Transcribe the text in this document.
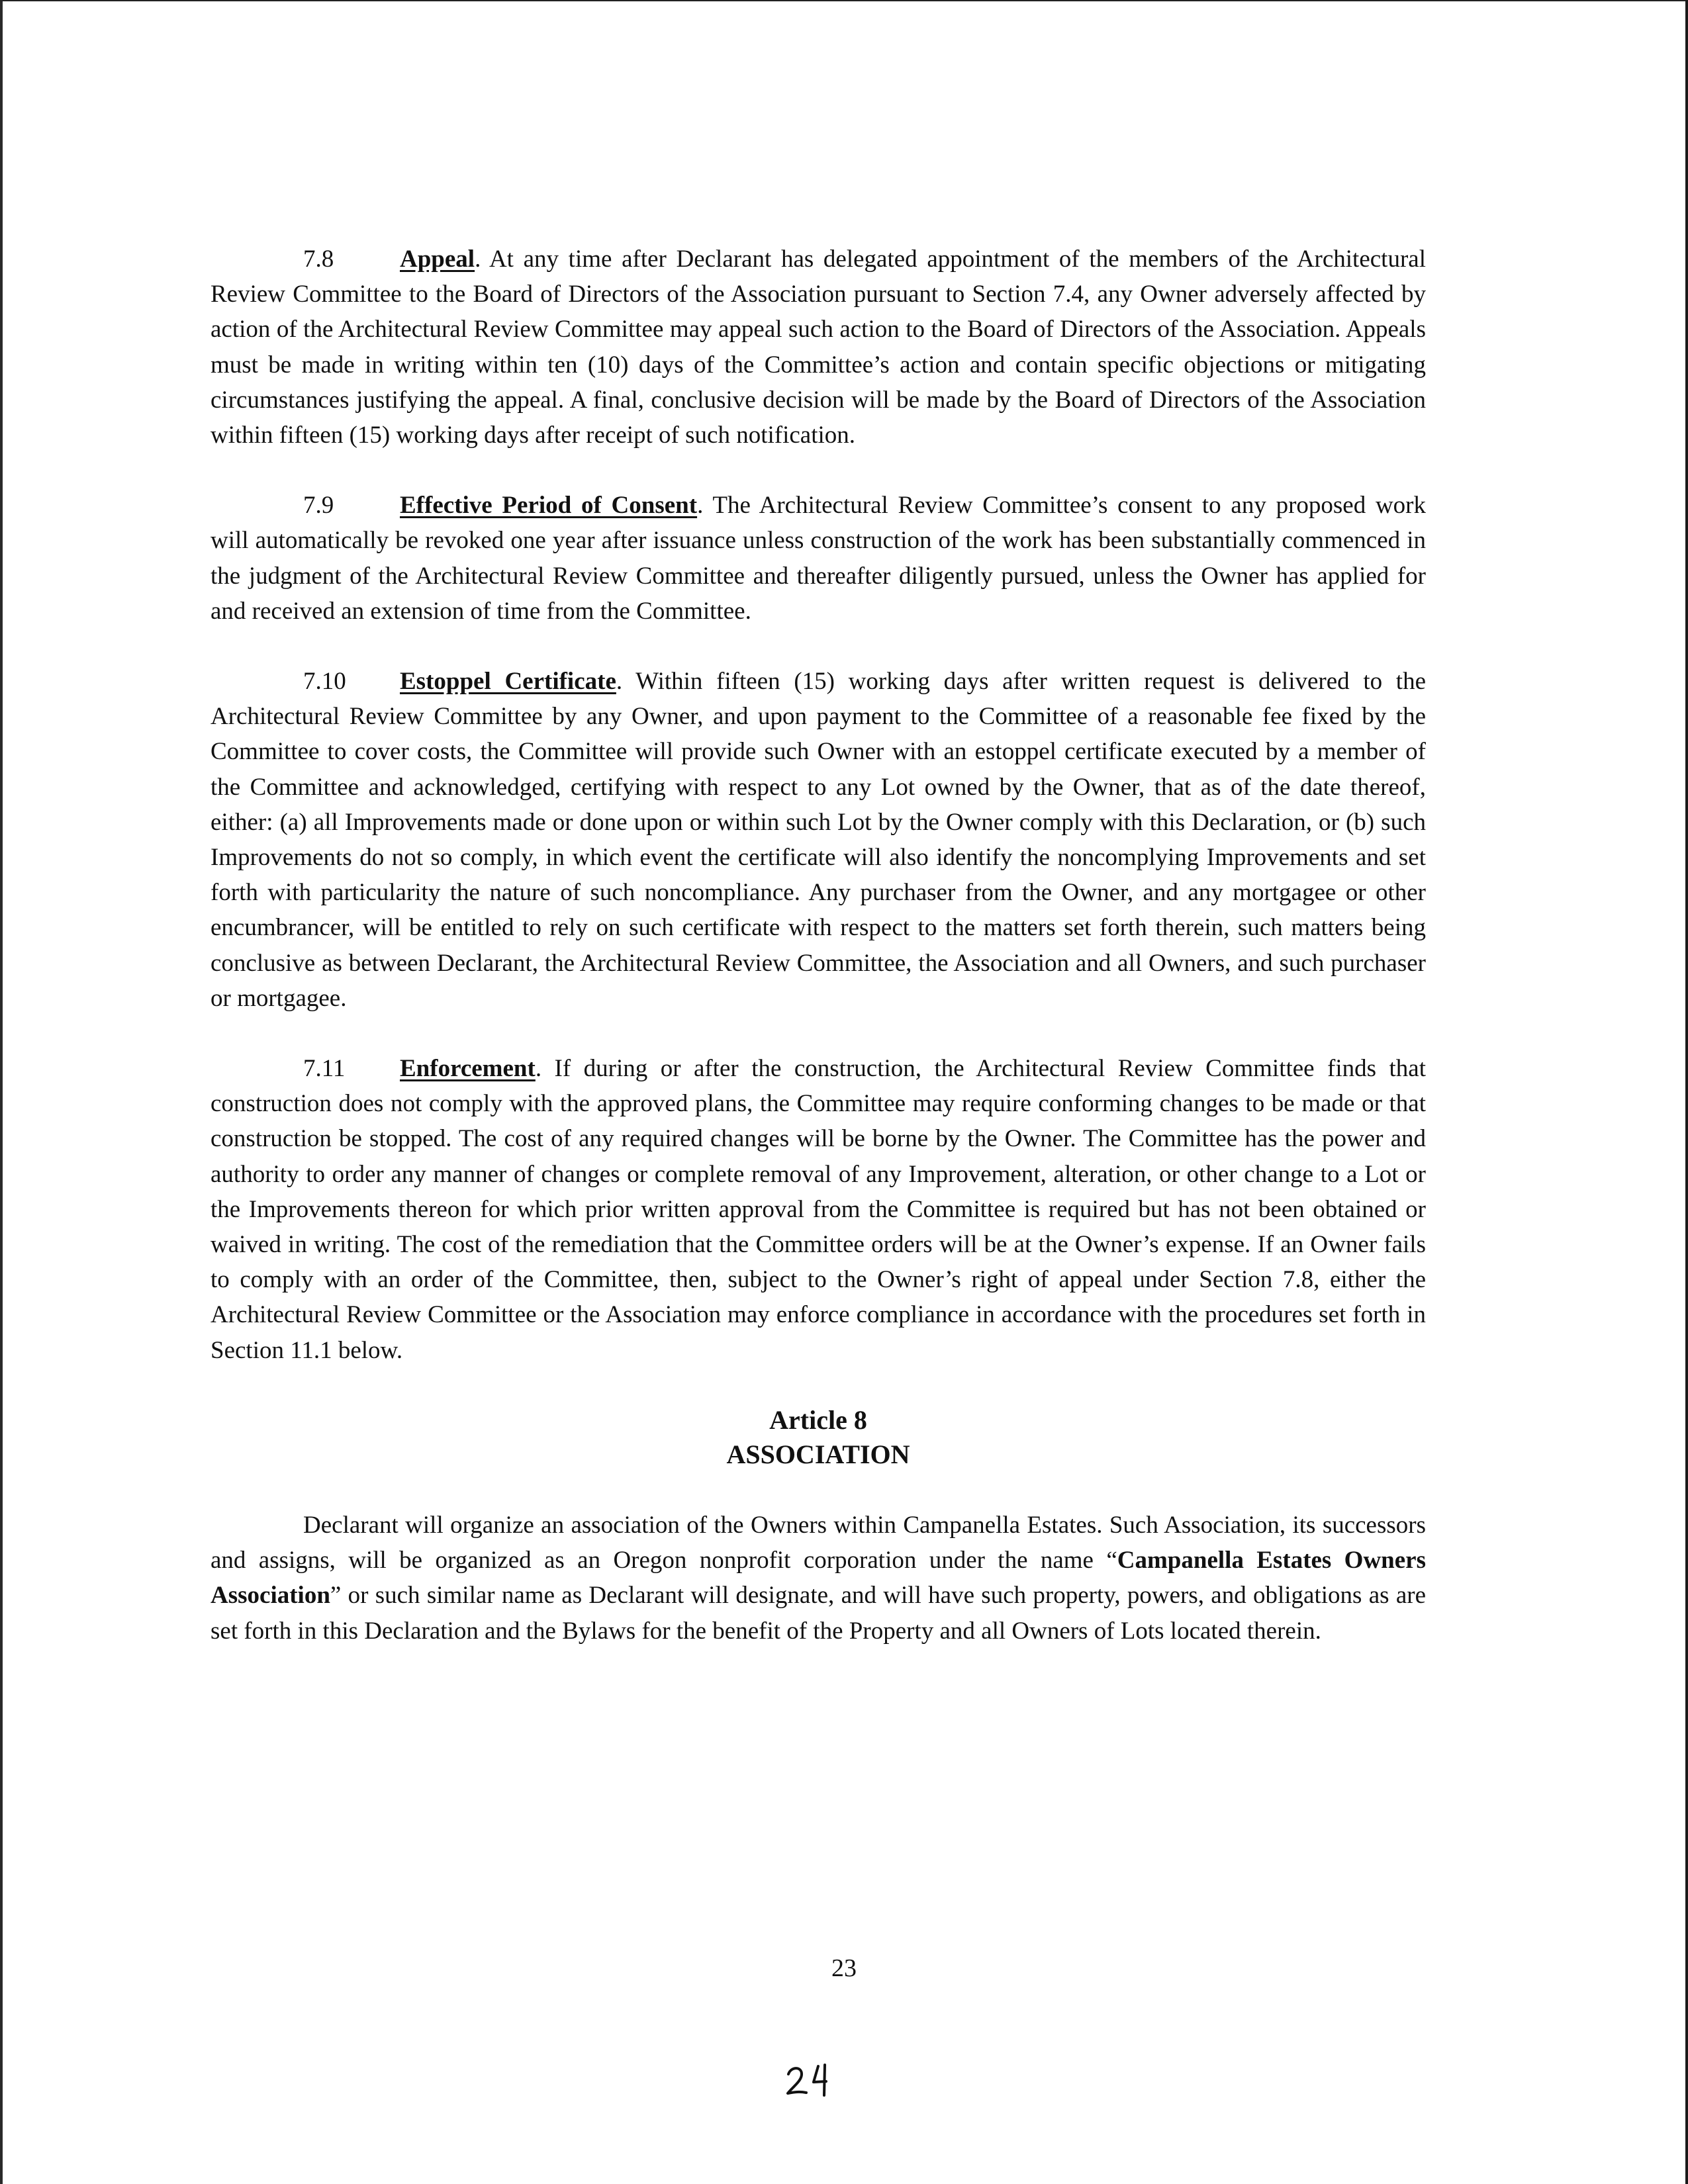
7.8	Appeal. At any time after Declarant has delegated appointment of the members of the Architectural Review Committee to the Board of Directors of the Association pursuant to Section 7.4, any Owner adversely affected by action of the Architectural Review Committee may appeal such action to the Board of Directors of the Association. Appeals must be made in writing within ten (10) days of the Committee’s action and contain specific objections or mitigating circumstances justifying the appeal. A final, conclusive decision will be made by the Board of Directors of the Association within fifteen (15) working days after receipt of such notification.

7.9	Effective Period of Consent. The Architectural Review Committee’s consent to any proposed work will automatically be revoked one year after issuance unless construction of the work has been substantially commenced in the judgment of the Architectural Review Committee and thereafter diligently pursued, unless the Owner has applied for and received an extension of time from the Committee.

7.10 Estoppel Certificate. Within fifteen (15) working days after written request is delivered to the Architectural Review Committee by any Owner, and upon payment to the Committee of a reasonable fee fixed by the Committee to cover costs, the Committee will provide such Owner with an estoppel certificate executed by a member of the Committee and acknowledged, certifying with respect to any Lot owned by the Owner, that as of the date thereof, either: (a) all Improvements made or done upon or within such Lot by the Owner comply with this Declaration, or (b) such Improvements do not so comply, in which event the certificate will also identify the noncomplying Improvements and set forth with particularity the nature of such noncompliance. Any purchaser from the Owner, and any mortgagee or other encumbrancer, will be entitled to rely on such certificate with respect to the matters set forth therein, such matters being conclusive as between Declarant, the Architectural Review Committee, the Association and all Owners, and such purchaser or mortgagee.

7.11 Enforcement. If during or after the construction, the Architectural Review Committee finds that construction does not comply with the approved plans, the Committee may require conforming changes to be made or that construction be stopped. The cost of any required changes will be borne by the Owner. The Committee has the power and authority to order any manner of changes or complete removal of any Improvement, alteration, or other change to a Lot or the Improvements thereon for which prior written approval from the Committee is required but has not been obtained or waived in writing. The cost of the remediation that the Committee orders will be at the Owner’s expense. If an Owner fails to comply with an order of the Committee, then, subject to the Owner’s right of appeal under Section 7.8, either the Architectural Review Committee or the Association may enforce compliance in accordance with the procedures set forth in Section 11.1 below.

Article 8
ASSOCIATION

Declarant will organize an association of the Owners within Campanella Estates. Such Association, its successors and assigns, will be organized as an Oregon nonprofit corporation under the name “Campanella Estates Owners Association” or such similar name as Declarant will designate, and will have such property, powers, and obligations as are set forth in this Declaration and the Bylaws for the benefit of the Property and all Owners of Lots located therein.

23
